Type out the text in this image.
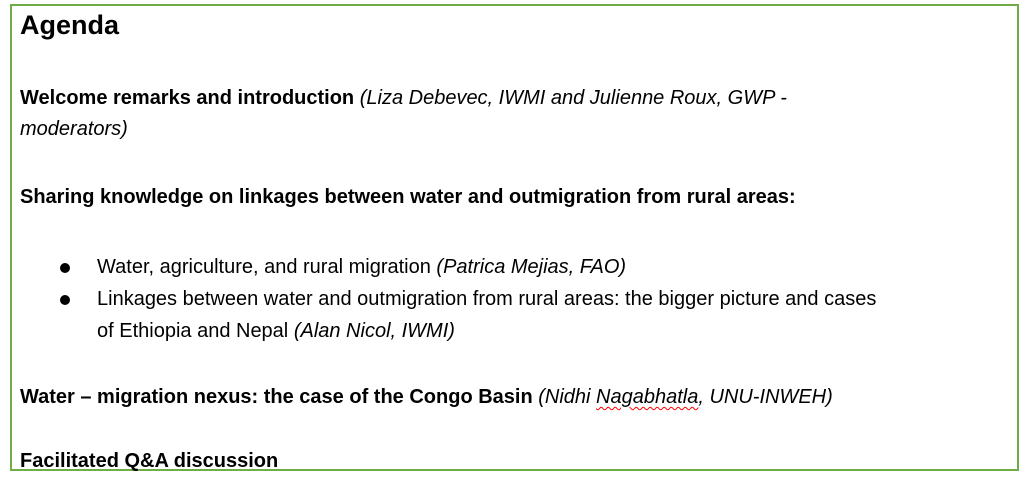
Agenda
Welcome remarks and introduction (Liza Debevec, IWMI and Julienne Roux, GWP -
moderators)
Sharing knowledge on linkages between water and outmigration from rural areas:
Water, agriculture, and rural migration (Patrica Mejias, FAO)
Linkages between water and outmigration from rural areas: the bigger picture and cases
of Ethiopia and Nepal (Alan Nicol, IWMI)
Water – migration nexus: the case of the Congo Basin (Nidhi Nagabhatla, UNU-INWEH)
Facilitated Q&A discussion
